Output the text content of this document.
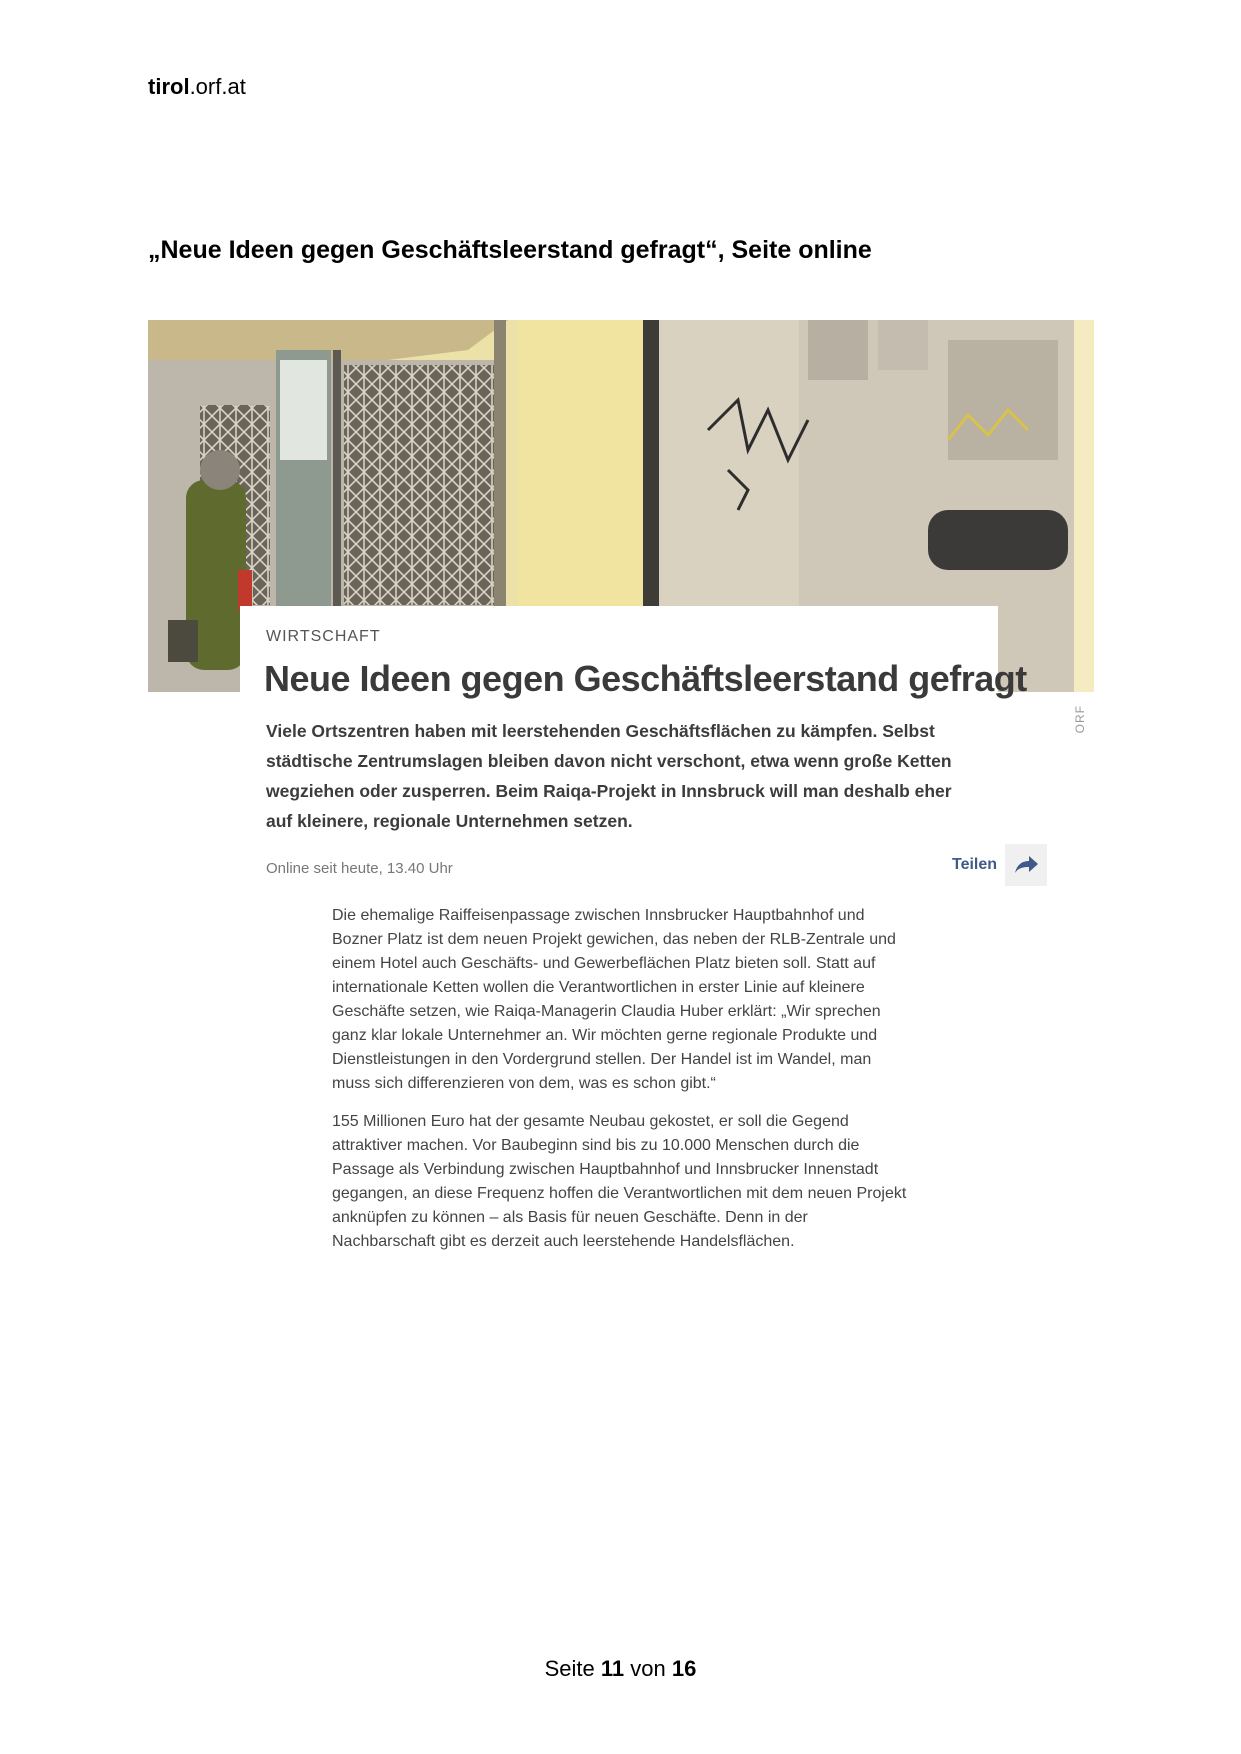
tirol.orf.at
„Neue Ideen gegen Geschäftsleerstand gefragt“, Seite online
ORF
WIRTSCHAFT
Neue Ideen gegen Geschäftsleerstand gefragt

Viele Ortszentren haben mit leerstehenden Geschäftsflächen zu kämpfen. Selbst städtische Zentrumslagen bleiben davon nicht verschont, etwa wenn große Ketten wegziehen oder zusperren. Beim Raiqa-Projekt in Innsbruck will man deshalb eher auf kleinere, regionale Unternehmen setzen.

Online seit heute, 13.40 Uhr	Teilen

Die ehemalige Raiffeisenpassage zwischen Innsbrucker Hauptbahnhof und Bozner Platz ist dem neuen Projekt gewichen, das neben der RLB-Zentrale und einem Hotel auch Geschäfts- und Gewerbeflächen Platz bieten soll. Statt auf internationale Ketten wollen die Verantwortlichen in erster Linie auf kleinere Geschäfte setzen, wie Raiqa-Managerin Claudia Huber erklärt: „Wir sprechen ganz klar lokale Unternehmer an. Wir möchten gerne regionale Produkte und Dienstleistungen in den Vordergrund stellen. Der Handel ist im Wandel, man muss sich differenzieren von dem, was es schon gibt.“

155 Millionen Euro hat der gesamte Neubau gekostet, er soll die Gegend attraktiver machen. Vor Baubeginn sind bis zu 10.000 Menschen durch die Passage als Verbindung zwischen Hauptbahnhof und Innsbrucker Innenstadt gegangen, an diese Frequenz hoffen die Verantwortlichen mit dem neuen Projekt anknüpfen zu können – als Basis für neuen Geschäfte. Denn in der Nachbarschaft gibt es derzeit auch leerstehende Handelsflächen.

Seite 11 von 16
